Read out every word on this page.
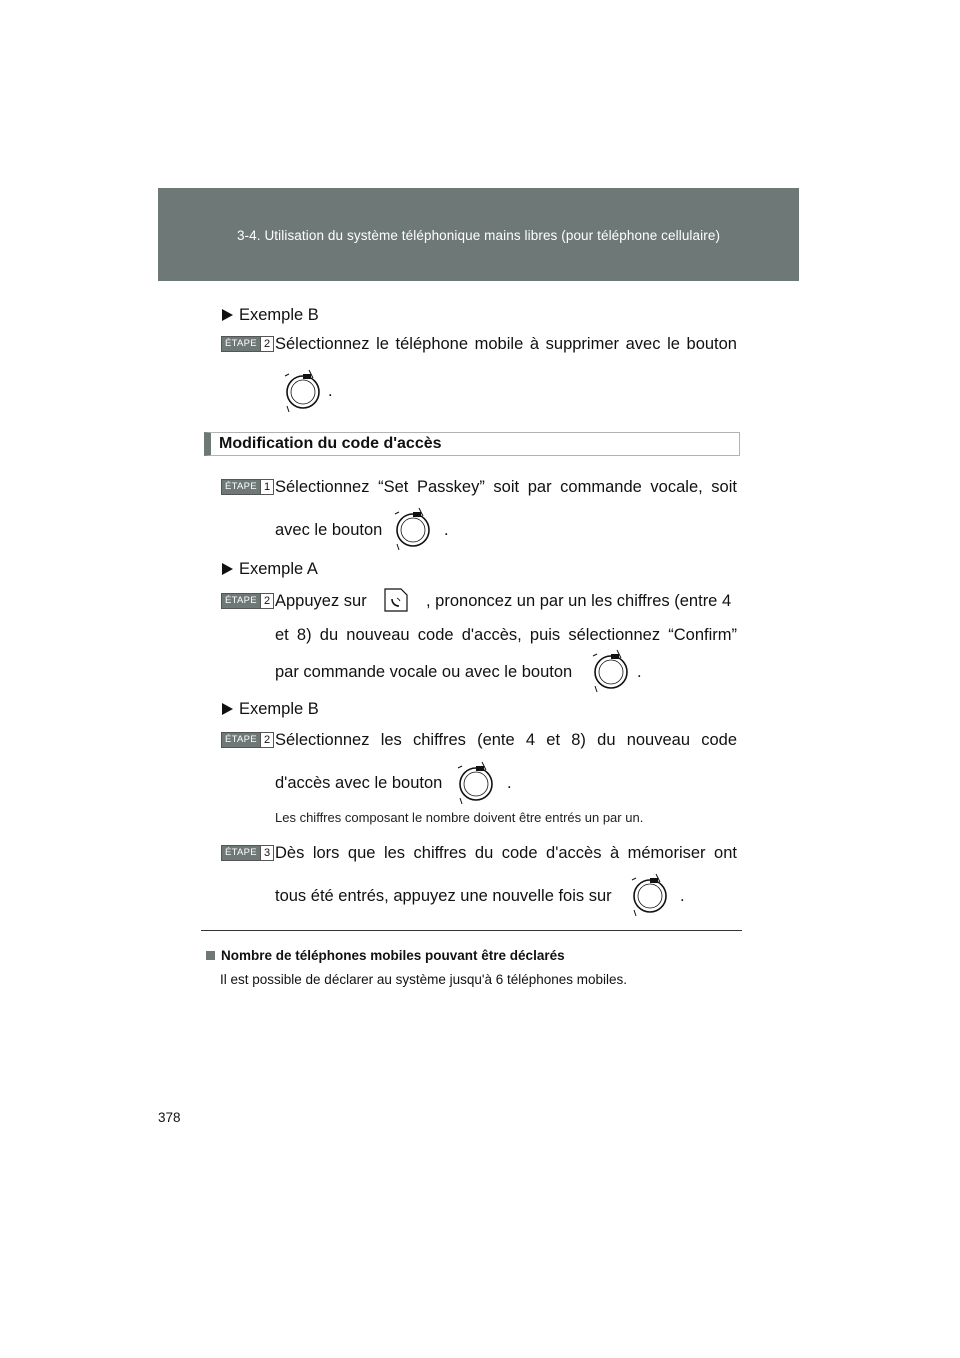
3-4. Utilisation du système téléphonique mains libres (pour téléphone cellulaire)
Exemple B
ÉTAPE 2 Sélectionnez le téléphone mobile à supprimer avec le bouton
.
Modification du code d'accès
ÉTAPE 1 Sélectionnez “Set Passkey” soit par commande vocale, soit
avec le bouton	.
Exemple A
ÉTAPE 2 Appuyez sur	, prononcez un par un les chiffres (entre 4
et 8) du nouveau code d'accès, puis sélectionnez “Confirm”
par commande vocale ou avec le bouton	.
Exemple B
ÉTAPE 2 Sélectionnez les chiffres (ente 4 et 8) du nouveau code
d'accès avec le bouton	.
Les chiffres composant le nombre doivent être entrés un par un.
ÉTAPE 3 Dès lors que les chiffres du code d'accès à mémoriser ont
tous été entrés, appuyez une nouvelle fois sur	.
Nombre de téléphones mobiles pouvant être déclarés
Il est possible de déclarer au système jusqu'à 6 téléphones mobiles.
378
